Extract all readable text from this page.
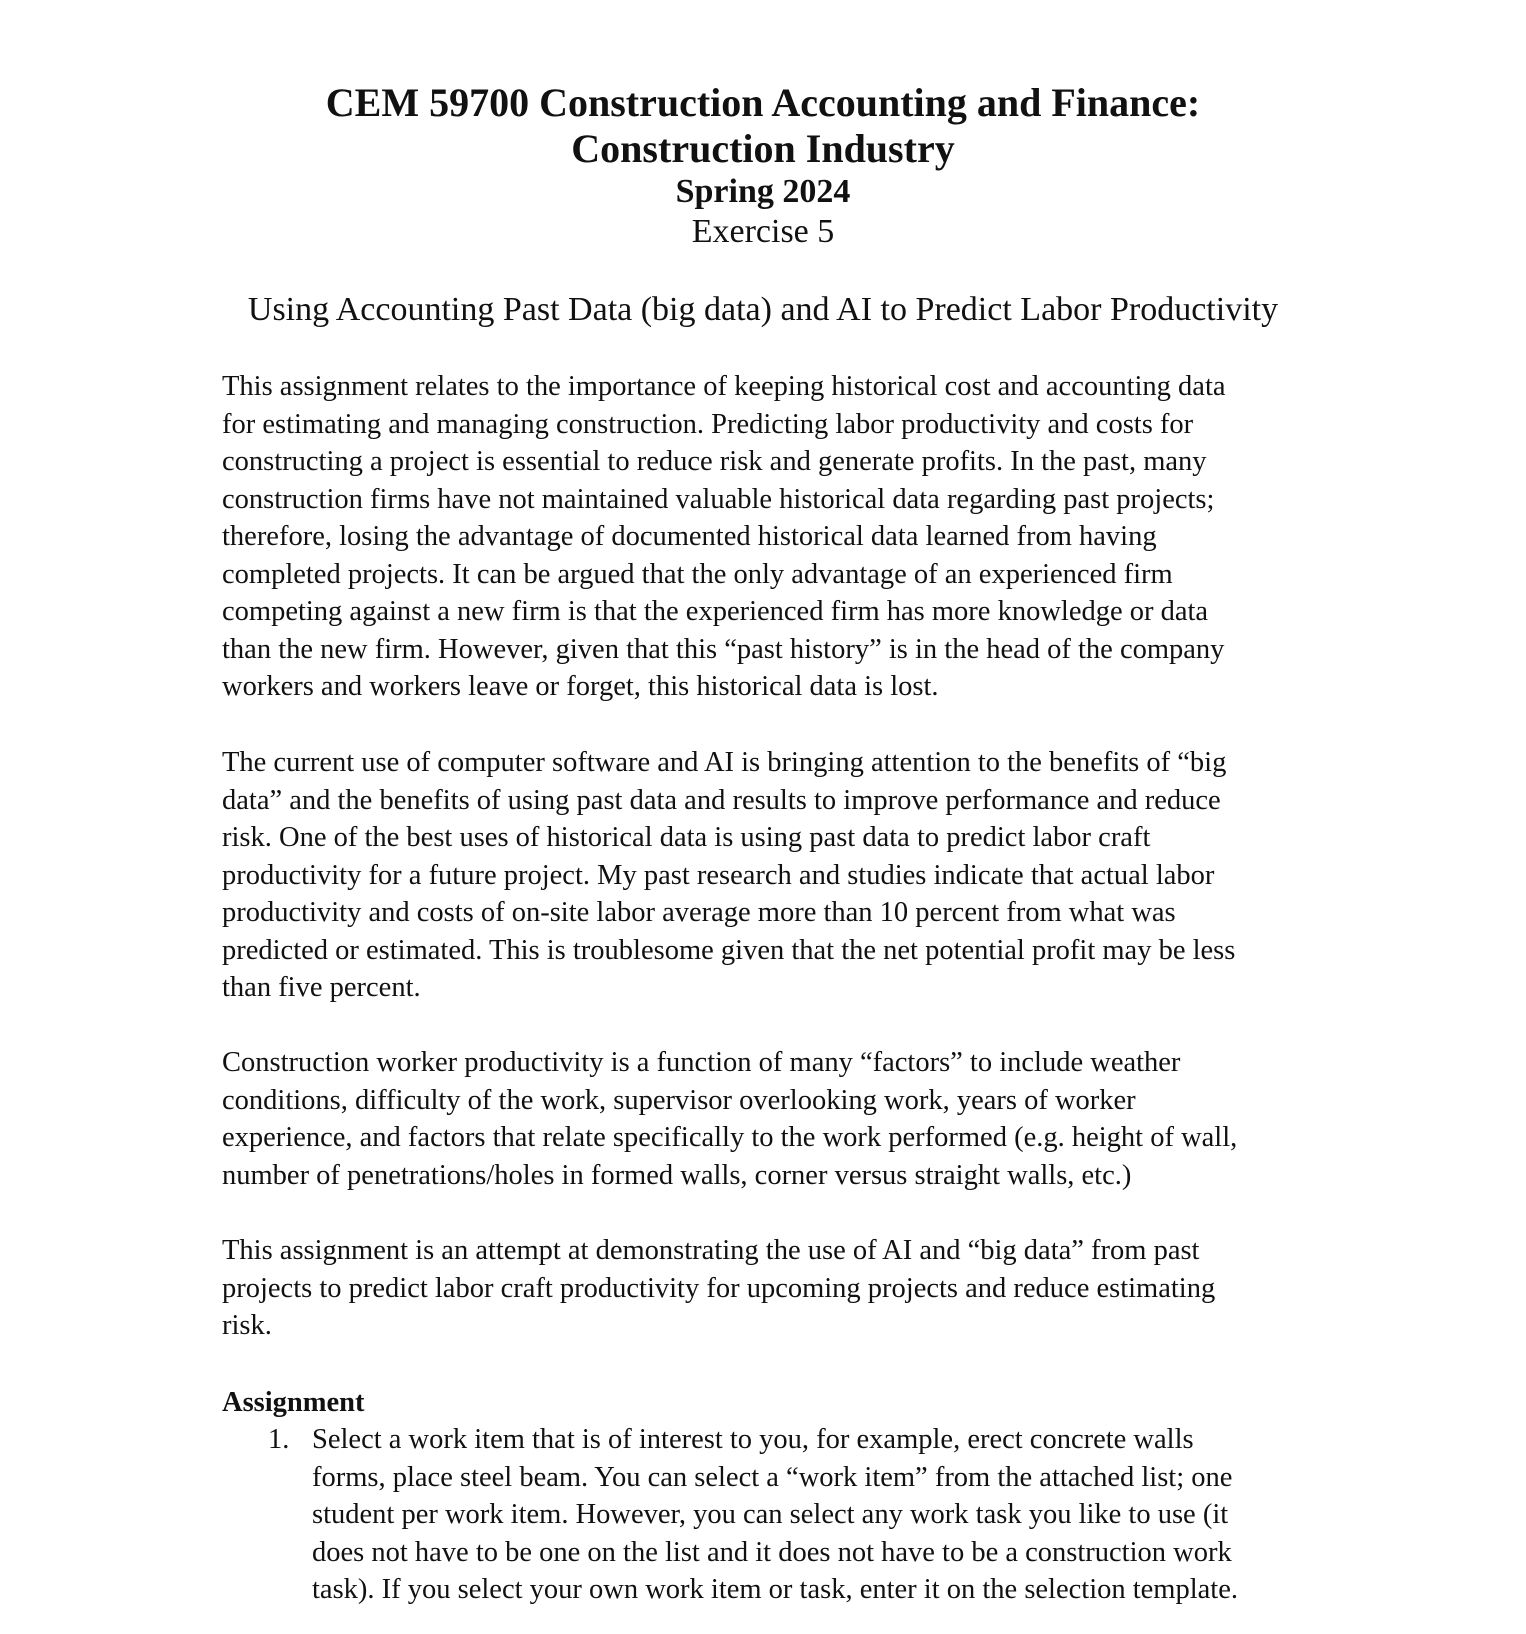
CEM 59700 Construction Accounting and Finance:
Construction Industry
Spring 2024
Exercise 5
Using Accounting Past Data (big data) and AI to Predict Labor Productivity

This assignment relates to the importance of keeping historical cost and accounting data
for estimating and managing construction. Predicting labor productivity and costs for
constructing a project is essential to reduce risk and generate profits. In the past, many
construction firms have not maintained valuable historical data regarding past projects;
therefore, losing the advantage of documented historical data learned from having
completed projects. It can be argued that the only advantage of an experienced firm
competing against a new firm is that the experienced firm has more knowledge or data
than the new firm. However, given that this “past history” is in the head of the company
workers and workers leave or forget, this historical data is lost.

The current use of computer software and AI is bringing attention to the benefits of “big
data” and the benefits of using past data and results to improve performance and reduce
risk. One of the best uses of historical data is using past data to predict labor craft
productivity for a future project. My past research and studies indicate that actual labor
productivity and costs of on-site labor average more than 10 percent from what was
predicted or estimated. This is troublesome given that the net potential profit may be less
than five percent.

Construction worker productivity is a function of many “factors” to include weather
conditions, difficulty of the work, supervisor overlooking work, years of worker
experience, and factors that relate specifically to the work performed (e.g. height of wall,
number of penetrations/holes in formed walls, corner versus straight walls, etc.)

This assignment is an attempt at demonstrating the use of AI and “big data” from past
projects to predict labor craft productivity for upcoming projects and reduce estimating
risk.

Assignment
1. Select a work item that is of interest to you, for example, erect concrete walls
forms, place steel beam. You can select a “work item” from the attached list; one
student per work item. However, you can select any work task you like to use (it
does not have to be one on the list and it does not have to be a construction work
task). If you select your own work item or task, enter it on the selection template.
